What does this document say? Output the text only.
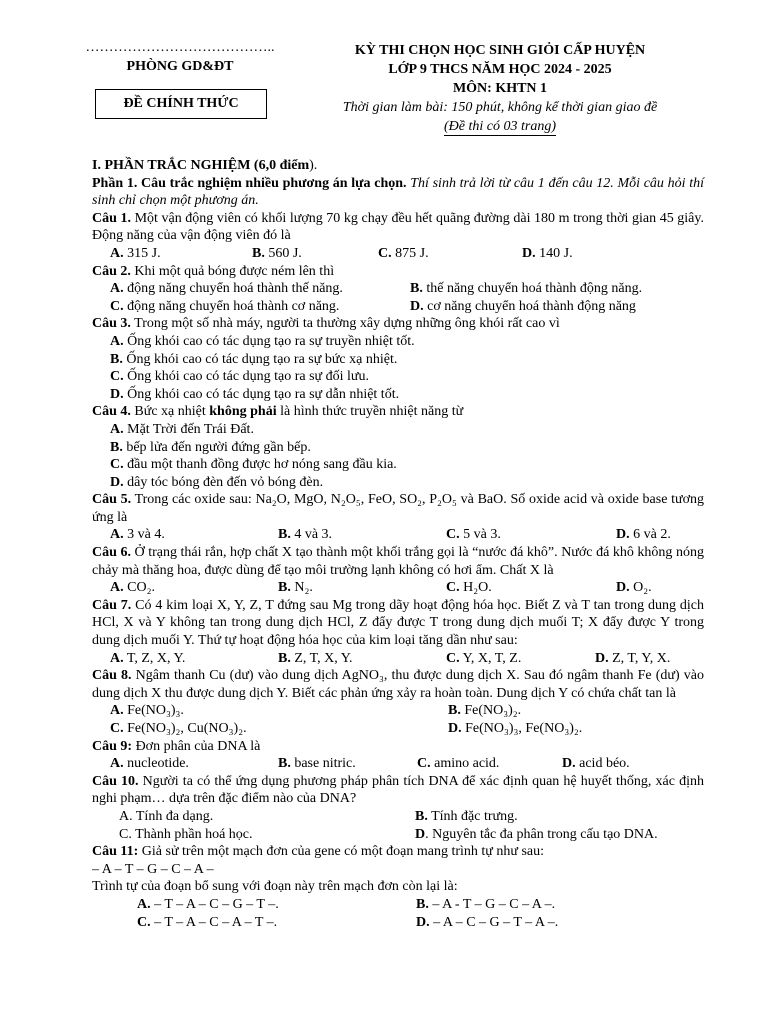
…………………………………..
PHÒNG GD&ĐT
ĐỀ CHÍNH THỨC
KỲ THI CHỌN HỌC SINH GIỎI CẤP HUYỆN
LỚP 9 THCS NĂM HỌC 2024 - 2025
MÔN: KHTN 1
Thời gian làm bài: 150 phút, không kể thời gian giao đề
(Đề thi có 03 trang)

I. PHẦN TRẮC NGHIỆM (6,0 điểm).

Phần 1. Câu trắc nghiệm nhiều phương án lựa chọn. Thí sinh trả lời từ câu 1 đến câu 12. Mỗi câu hỏi thí sinh chỉ chọn một phương án.

Câu 1. Một vận động viên có khối lượng 70 kg chạy đều hết quãng đường dài 180 m trong thời gian 45 giây. Động năng của vận động viên đó là

A. 315 J.	B. 560 J.	C. 875 J.	D. 140 J.

Câu 2. Khi một quả bóng được ném lên thì

A. động năng chuyển hoá thành thế năng.	B. thế năng chuyển hoá thành động năng.
C. động năng chuyển hoá thành cơ năng.	D. cơ năng chuyển hoá thành động năng

Câu 3. Trong một số nhà máy, người ta thường xây dựng những ông khói rất cao vì

A. Ống khói cao có tác dụng tạo ra sự truyền nhiệt tốt.

B. Ống khói cao có tác dụng tạo ra sự bức xạ nhiệt.

C. Ống khói cao có tác dụng tạo ra sự đối lưu.

D. Ống khói cao có tác dụng tạo ra sự dẫn nhiệt tốt.

Câu 4. Bức xạ nhiệt không phải là hình thức truyền nhiệt năng từ

A. Mặt Trời đến Trái Đất.

B. bếp lửa đến người đứng gần bếp.

C. đầu một thanh đồng được hơ nóng sang đầu kia.

D. dây tóc bóng đèn đến vỏ bóng đèn.

Câu 5. Trong các oxide sau: Na₂O, MgO, N₂O₅, FeO, SO₂, P₂O₅ và BaO. Số oxide acid và oxide base tương ứng là

A. 3 và 4.	B. 4 và 3.	C. 5 và 3.	D. 6 và 2.

Câu 6. Ở trạng thái rắn, hợp chất X tạo thành một khối trắng gọi là “nước đá khô”. Nước đá khô không nóng chảy mà thăng hoa, được dùng để tạo môi trường lạnh không có hơi ẩm. Chất X là

A. CO₂.	B. N₂.	C. H₂O.	D. O₂.

Câu 7. Có 4 kim loại X, Y, Z, T đứng sau Mg trong dãy hoạt động hóa học. Biết Z và T tan trong dung dịch HCl, X và Y không tan trong dung dịch HCl, Z đẩy được T trong dung dịch muối T; X đẩy được Y trong dung dịch muối Y. Thứ tự hoạt động hóa học của kim loại tăng dần như sau:

A. T, Z, X, Y.	B. Z, T, X, Y.	C. Y, X, T, Z.	D. Z, T, Y, X.

Câu 8. Ngâm thanh Cu (dư) vào dung dịch AgNO₃, thu được dung dịch X. Sau đó ngâm thanh Fe (dư) vào dung dịch X thu được dung dịch Y. Biết các phản ứng xảy ra hoàn toàn. Dung dịch Y có chứa chất tan là

A. Fe(NO₃)₃.	B. Fe(NO₃)₂.
C. Fe(NO₃)₂, Cu(NO₃)₂.	D. Fe(NO₃)₃, Fe(NO₃)₂.

Câu 9: Đơn phân của DNA là

A. nucleotide.	B. base nitric.	C. amino acid.	D. acid béo.

Câu 10. Người ta có thể ứng dụng phương pháp phân tích DNA để xác định quan hệ huyết thống, xác định nghi phạm… dựa trên đặc điểm nào của DNA?

A. Tính đa dạng.	B. Tính đặc trưng.
C. Thành phần hoá học.	D. Nguyên tắc đa phân trong cấu tạo DNA.

Câu 11: Giả sử trên một mạch đơn của gene có một đoạn mang trình tự như sau:

– A – T – G – C – A –

Trình tự của đoạn bổ sung với đoạn này trên mạch đơn còn lại là:

A. – T – A – C – G – T –.	B. – A - T – G – C – A –.
C. – T – A – C – A – T –.	D. – A – C – G – T – A –.
